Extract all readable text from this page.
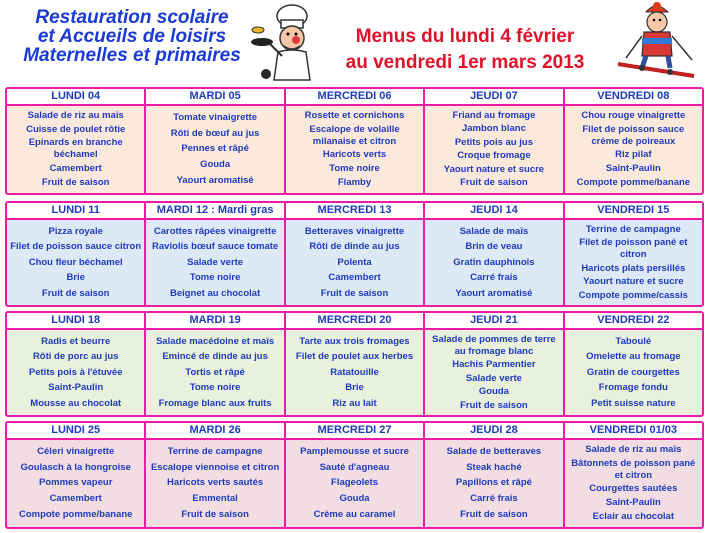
Restauration scolaire
et Accueils de loisirs
Maternelles et primaires
Menus du lundi 4 février
au vendredi 1er mars 2013
LUNDI 04
Salade de riz au maïs
Cuisse de poulet rôtie
Epinards en branche béchamel
Camembert
Fruit de saison
MARDI 05
Tomate vinaigrette
Rôti de bœuf au jus
Pennes et râpé
Gouda
Yaourt aromatisé
MERCREDI 06
Rosette et cornichons
Escalope de volaille milanaise et citron
Haricots verts
Tome noire
Flamby
JEUDI 07
Friand au fromage
Jambon blanc
Petits pois au jus
Croque fromage
Yaourt nature et sucre
Fruit de saison
VENDREDI 08
Chou rouge vinaigrette
Filet de poisson sauce crème de poireaux
Riz pilaf
Saint-Paulin
Compote pomme/banane
LUNDI 11
Pizza royale
Filet de poisson sauce citron
Chou fleur béchamel
Brie
Fruit de saison
MARDI 12 : Mardi gras
Carottes râpées vinaigrette
Raviolis bœuf sauce tomate
Salade verte
Tome noire
Beignet au chocolat
MERCREDI 13
Betteraves vinaigrette
Rôti de dinde au jus
Polenta
Camembert
Fruit de saison
JEUDI 14
Salade de maïs
Brin de veau
Gratin dauphinois
Carré frais
Yaourt aromatisé
VENDREDI 15
Terrine de campagne
Filet de poisson pané et citron
Haricots plats persillés
Yaourt nature et sucre
Compote pomme/cassis
LUNDI 18
Radis et beurre
Rôti de porc au jus
Petits pois à l'étuvée
Saint-Paulin
Mousse au chocolat
MARDI 19
Salade macédoine et maïs
Emincé de dinde au jus
Tortis et râpé
Tome noire
Fromage blanc aux fruits
MERCREDI 20
Tarte aux trois fromages
Filet de poulet aux herbes
Ratatouille
Brie
Riz au lait
JEUDI 21
Salade de pommes de terre au fromage blanc
Hachis Parmentier
Salade verte
Gouda
Fruit de saison
VENDREDI 22
Taboulé
Omelette au fromage
Gratin de courgettes
Fromage fondu
Petit suisse nature
LUNDI 25
Céleri vinaigrette
Goulasch à la hongroise
Pommes vapeur
Camembert
Compote pomme/banane
MARDI 26
Terrine de campagne
Escalope viennoise et citron
Haricots verts sautés
Emmental
Fruit de saison
MERCREDI 27
Pamplemousse et sucre
Sauté d'agneau
Flageolets
Gouda
Crème au caramel
JEUDI 28
Salade de betteraves
Steak haché
Papillons et râpé
Carré frais
Fruit de saison
VENDREDI 01/03
Salade de riz au maïs
Bâtonnets de poisson pané et citron
Courgettes sautées
Saint-Paulin
Eclair au chocolat
